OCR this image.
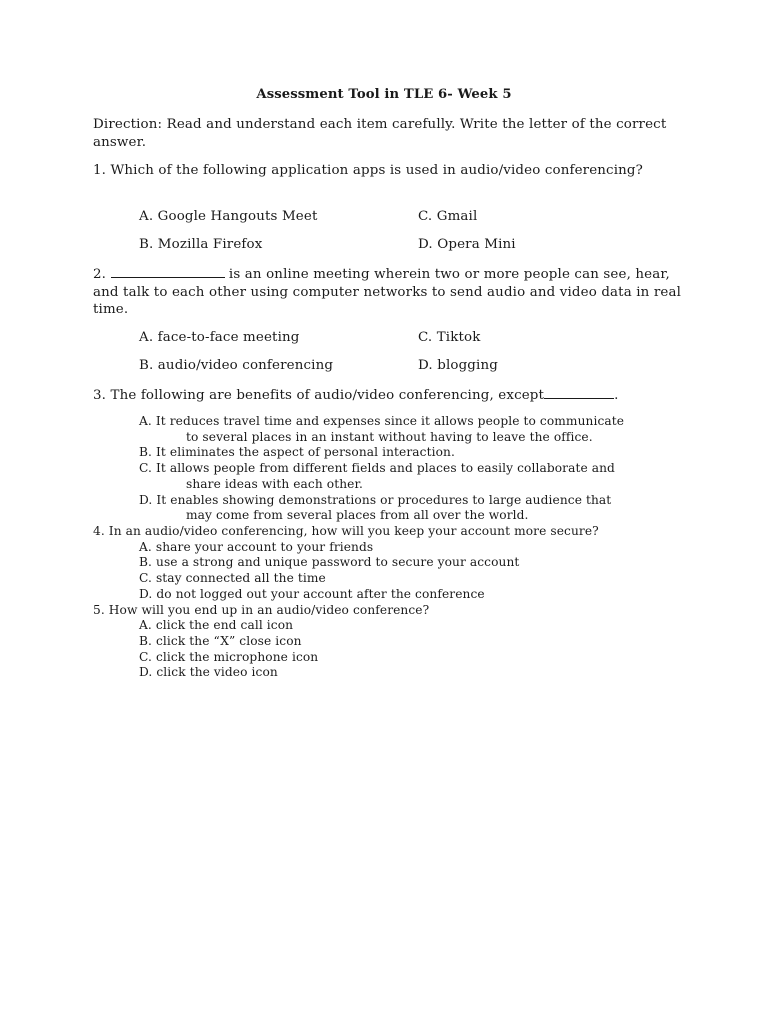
Assessment Tool in TLE 6- Week 5
Direction: Read and understand each item carefully. Write the letter of the correct answer.
1. Which of the following application apps is used in audio/video conferencing?
A. Google Hangouts Meet	C. Gmail
B. Mozilla Firefox	D. Opera Mini
2.	is an online meeting wherein two or more people can see, hear, and talk to each other using computer networks to send audio and video data in real time.
A. face-to-face meeting	C. Tiktok
B. audio/video conferencing	D. blogging
3. The following are benefits of audio/video conferencing, except	.
A. It reduces travel time and expenses since it allows people to communicate
to several places in an instant without having to leave the office.
B. It eliminates the aspect of personal interaction.
C. It allows people from different fields and places to easily collaborate and
share ideas with each other.
D. It enables showing demonstrations or procedures to large audience that
may come from several places from all over the world.
4. In an audio/video conferencing, how will you keep your account more secure?
A. share your account to your friends
B. use a strong and unique password to secure your account
C. stay connected all the time
D. do not logged out your account after the conference
5. How will you end up in an audio/video conference?
A. click the end call icon
B. click the “X” close icon
C. click the microphone icon
D. click the video icon
